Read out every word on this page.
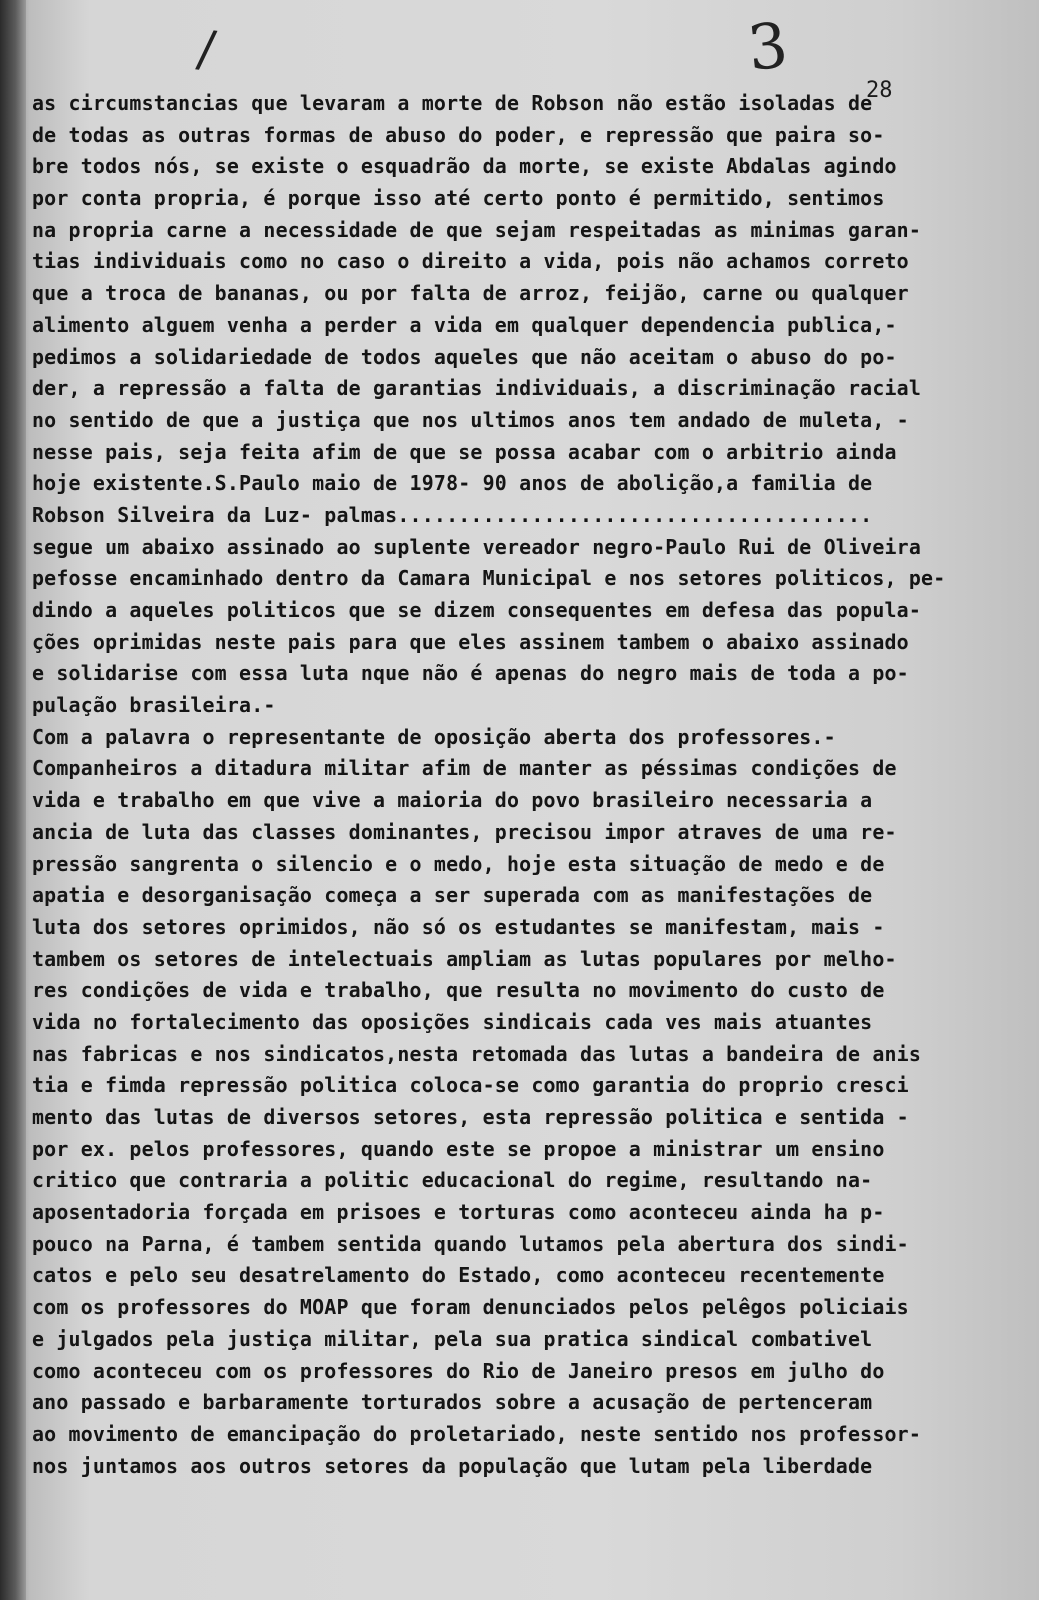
/	3
28
as circumstancias que levaram a morte de Robson não estão isoladas de
de todas as outras formas de abuso do poder, e repressão que paira so-
bre todos nós, se existe o esquadrão da morte, se existe Abdalas agindo
por conta propria, é porque isso até certo ponto é permitido, sentimos
na propria carne a necessidade de que sejam respeitadas as minimas garan-
tias individuais como no caso o direito a vida, pois não achamos correto
que a troca de bananas, ou por falta de arroz, feijão, carne ou qualquer
alimento alguem venha a perder a vida em qualquer dependencia publica,-
pedimos a solidariedade de todos aqueles que não aceitam o abuso do po-
der, a repressão a falta de garantias individuais, a discriminação racial
no sentido de que a justiça que nos ultimos anos tem andado de muleta, -
nesse pais, seja feita afim de que se possa acabar com o arbitrio ainda
hoje existente.S.Paulo maio de 1978- 90 anos de abolição,a familia de
Robson Silveira da Luz- palmas.......................................
segue um abaixo assinado ao suplente vereador negro-Paulo Rui de Oliveira
pefosse encaminhado dentro da Camara Municipal e nos setores politicos, pe-
dindo a aqueles politicos que se dizem consequentes em defesa das popula-
ções oprimidas neste pais para que eles assinem tambem o abaixo assinado
e solidarise com essa luta nque não é apenas do negro mais de toda a po-
pulação brasileira.-
Com a palavra o representante de oposição aberta dos professores.-
Companheiros a ditadura militar afim de manter as péssimas condições de
vida e trabalho em que vive a maioria do povo brasileiro necessaria a
ancia de luta das classes dominantes, precisou impor atraves de uma re-
pressão sangrenta o silencio e o medo, hoje esta situação de medo e de
apatia e desorganisação começa a ser superada com as manifestações de
luta dos setores oprimidos, não só os estudantes se manifestam, mais -
tambem os setores de intelectuais ampliam as lutas populares por melho-
res condições de vida e trabalho, que resulta no movimento do custo de
vida no fortalecimento das oposições sindicais cada ves mais atuantes
nas fabricas e nos sindicatos,nesta retomada das lutas a bandeira de anis
tia e fimda repressão politica coloca-se como garantia do proprio cresci
mento das lutas de diversos setores, esta repressão politica e sentida -
por ex. pelos professores, quando este se propoe a ministrar um ensino
critico que contraria a politic educacional do regime, resultando na-
aposentadoria forçada em prisoes e torturas como aconteceu ainda ha p-
pouco na Parna, é tambem sentida quando lutamos pela abertura dos sindi-
catos e pelo seu desatrelamento do Estado, como aconteceu recentemente
com os professores do MOAP que foram denunciados pelos pelêgos policiais
e julgados pela justiça militar, pela sua pratica sindical combativel
como aconteceu com os professores do Rio de Janeiro presos em julho do
ano passado e barbaramente torturados sobre a acusação de pertenceram
ao movimento de emancipação do proletariado, neste sentido nos professor-
nos juntamos aos outros setores da população que lutam pela liberdade
